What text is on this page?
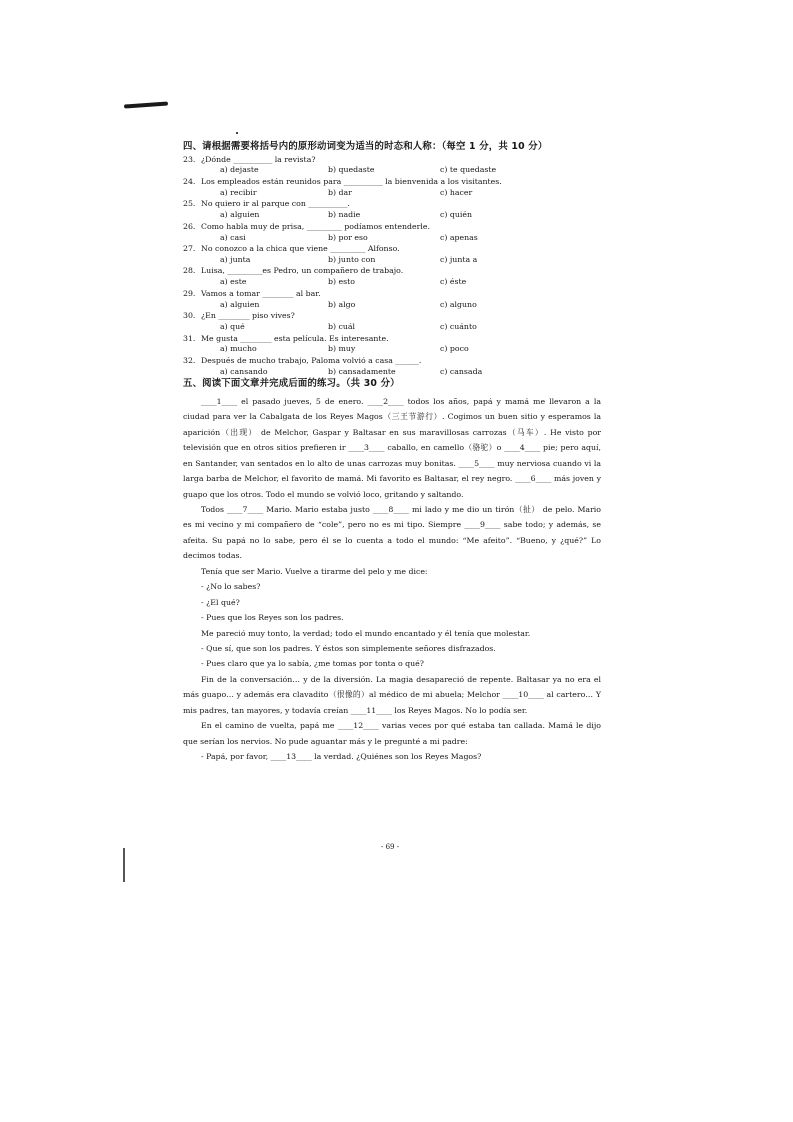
四、请根据需要将括号内的原形动词变为适当的时态和人称：（每空 1 分，共 10 分）
23. ¿Dónde __________ la revista?
a) dejaste	b) quedaste	c) te quedaste
24. Los empleados están reunidos para __________ la bienvenida a los visitantes.
a) recibir	b) dar	c) hacer
25. No quiero ir al parque con __________.
a) alguien	b) nadie	c) quién
26. Como habla muy de prisa, _________ podíamos entenderle.
a) casi	b) por eso	c) apenas
27. No conozco a la chica que viene _________ Alfonso.
a) junta	b) junto con	c) junta a
28. Luisa, _________es Pedro, un compañero de trabajo.
a) este	b) esto	c) éste
29. Vamos a tomar ________ al bar.
a) alguien	b) algo	c) alguno
30. ¿En ________ piso vives?
a) qué	b) cuál	c) cuánto
31. Me gusta ________ esta película. Es interesante.
a) mucho	b) muy	c) poco
32. Después de mucho trabajo, Paloma volvió a casa ______.
a) cansando	b) cansadamente	c) cansada
五、阅读下面文章并完成后面的练习。（共 30 分）

____1____ el pasado jueves, 5 de enero. ____2____ todos los años, papá y mamá me llevaron a la ciudad para ver la Cabalgata de los Reyes Magos（三王节游行）. Cogimos un buen sitio y esperamos la aparición（出现） de Melchor, Gaspar y Baltasar en sus maravillosas carrozas（马车）. He visto por televisión que en otros sitios prefieren ir ____3____ caballo, en camello（骆驼）o ____4____ pie; pero aquí, en Santander, van sentados en lo alto de unas carrozas muy bonitas. ____5____ muy nerviosa cuando vi la larga barba de Melchor, el favorito de mamá. Mi favorito es Baltasar, el rey negro. ____6____ más joven y guapo que los otros. Todo el mundo se volvió loco, gritando y saltando.

Todos ____7____ Mario. Mario estaba justo ____8____ mi lado y me dio un tirón（扯） de pelo. Mario es mi vecino y mi compañero de “cole”, pero no es mi tipo. Siempre ____9____ sabe todo; y además, se afeita. Su papá no lo sabe, pero él se lo cuenta a todo el mundo: “Me afeito”. “Bueno, y ¿qué?” Lo decimos todas.

Tenía que ser Mario. Vuelve a tirarme del pelo y me dice:

- ¿No lo sabes?

- ¿El qué?

- Pues que los Reyes son los padres.

Me pareció muy tonto, la verdad; todo el mundo encantado y él tenía que molestar.

- Que sí, que son los padres. Y éstos son simplemente señores disfrazados.

- Pues claro que ya lo sabía, ¿me tomas por tonta o qué?

Fin de la conversación… y de la diversión. La magia desapareció de repente. Baltasar ya no era el más guapo… y además era clavadito（很像的）al médico de mi abuela; Melchor ____10____ al cartero… Y mis padres, tan mayores, y todavía creían ____11____ los Reyes Magos. No lo podía ser.

En el camino de vuelta, papá me ____12____ varias veces por qué estaba tan callada. Mamá le dijo que serían los nervios. No pude aguantar más y le pregunté a mi padre:

- Papá, por favor, ____13____ la verdad. ¿Quiénes son los Reyes Magos?

- 69 -
